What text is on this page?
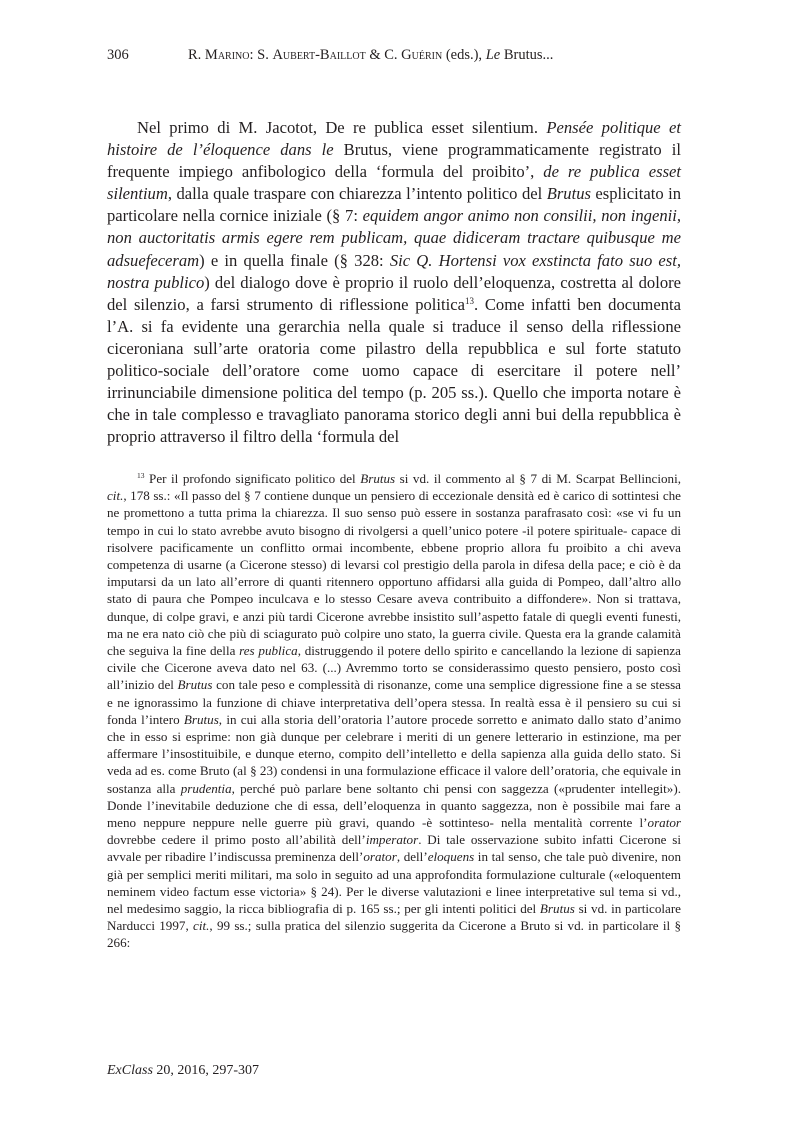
306	R. Marino: S. Aubert-Baillot & C. Guérin (eds.), Le Brutus...

Nel primo di M. Jacotot, De re publica esset silentium. Pensée politique et histoire de l’éloquence dans le Brutus, viene programmaticamente registrato il frequente impiego anfibologico della ‘formula del proibito’, de re publica esset silentium, dalla quale traspare con chiarezza l’intento politico del Brutus esplicitato in particolare nella cornice iniziale (§ 7: equidem angor animo non consilii, non ingenii, non auctoritatis armis egere rem publicam, quae didiceram tractare quibusque me adsuefeceram) e in quella finale (§ 328: Sic Q. Hortensi vox exstincta fato suo est, nostra publico) del dialogo dove è proprio il ruolo dell’eloquenza, costretta al dolore del silenzio, a farsi strumento di riflessione politica$^{13}$. Come infatti ben documenta l’A. si fa evidente una gerarchia nella quale si traduce il senso della riflessione ciceroniana sull’arte oratoria come pilastro della repubblica e sul forte statuto politico-sociale dell’oratore come uomo capace di esercitare il potere nell’ irrinunciabile dimensione politica del tempo (p. 205 ss.). Quello che importa notare è che in tale complesso e travagliato panorama storico degli anni bui della repubblica è proprio attraverso il filtro della ‘formula del

$^{13}$ Per il profondo significato politico del Brutus si vd. il commento al § 7 di M. Scarpat Bellincioni, cit., 178 ss.: «Il passo del § 7 contiene dunque un pensiero di eccezionale densità ed è carico di sottintesi che ne promettono a tutta prima la chiarezza. Il suo senso può essere in sostanza parafrasato così: «se vi fu un tempo in cui lo stato avrebbe avuto bisogno di rivolgersi a quell’unico potere -il potere spirituale- capace di risolvere pacificamente un conflitto ormai incombente, ebbene proprio allora fu proibito a chi aveva competenza di usarne (a Cicerone stesso) di levarsi col prestigio della parola in difesa della pace; e ciò è da imputarsi da un lato all’errore di quanti ritennero opportuno affidarsi alla guida di Pompeo, dall’altro allo stato di paura che Pompeo inculcava e lo stesso Cesare aveva contribuito a diffondere». Non si trattava, dunque, di colpe gravi, e anzi più tardi Cicerone avrebbe insistito sull’aspetto fatale di quegli eventi funesti, ma ne era nato ciò che più di sciagurato può colpire uno stato, la guerra civile. Questa era la grande calamità che seguiva la fine della res publica, distruggendo il potere dello spirito e cancellando la lezione di sapienza civile che Cicerone aveva dato nel 63. (...) Avremmo torto se considerassimo questo pensiero, posto così all’inizio del Brutus con tale peso e complessità di risonanze, come una semplice digressione fine a se stessa e ne ignorassimo la funzione di chiave interpretativa dell’opera stessa. In realtà essa è il pensiero su cui si fonda l’intero Brutus, in cui alla storia dell’oratoria l’autore procede sorretto e animato dallo stato d’animo che in esso si esprime: non già dunque per celebrare i meriti di un genere letterario in estinzione, ma per affermare l’insostituibile, e dunque eterno, compito dell’intelletto e della sapienza alla guida dello stato. Si veda ad es. come Bruto (al § 23) condensi in una formulazione efficace il valore dell’oratoria, che equivale in sostanza alla prudentia, perché può parlare bene soltanto chi pensi con saggezza («prudenter intellegit»). Donde l’inevitabile deduzione che di essa, dell’eloquenza in quanto saggezza, non è possibile mai fare a meno neppure neppure nelle guerre più gravi, quando -è sottinteso- nella mentalità corrente l’orator dovrebbe cedere il primo posto all’abilità dell’imperator. Di tale osservazione subito infatti Cicerone si avvale per ribadire l’indiscussa preminenza dell’orator, dell’eloquens in tal senso, che tale può divenire, non già per semplici meriti militari, ma solo in seguito ad una approfondita formulazione culturale («eloquentem neminem video factum esse victoria» § 24). Per le diverse valutazioni e linee interpretative sul tema si vd., nel medesimo saggio, la ricca bibliografia di p. 165 ss.; per gli intenti politici del Brutus si vd. in particolare Narducci 1997, cit., 99 ss.; sulla pratica del silenzio suggerita da Cicerone a Bruto si vd. in particolare il § 266:

ExClass 20, 2016, 297-307
